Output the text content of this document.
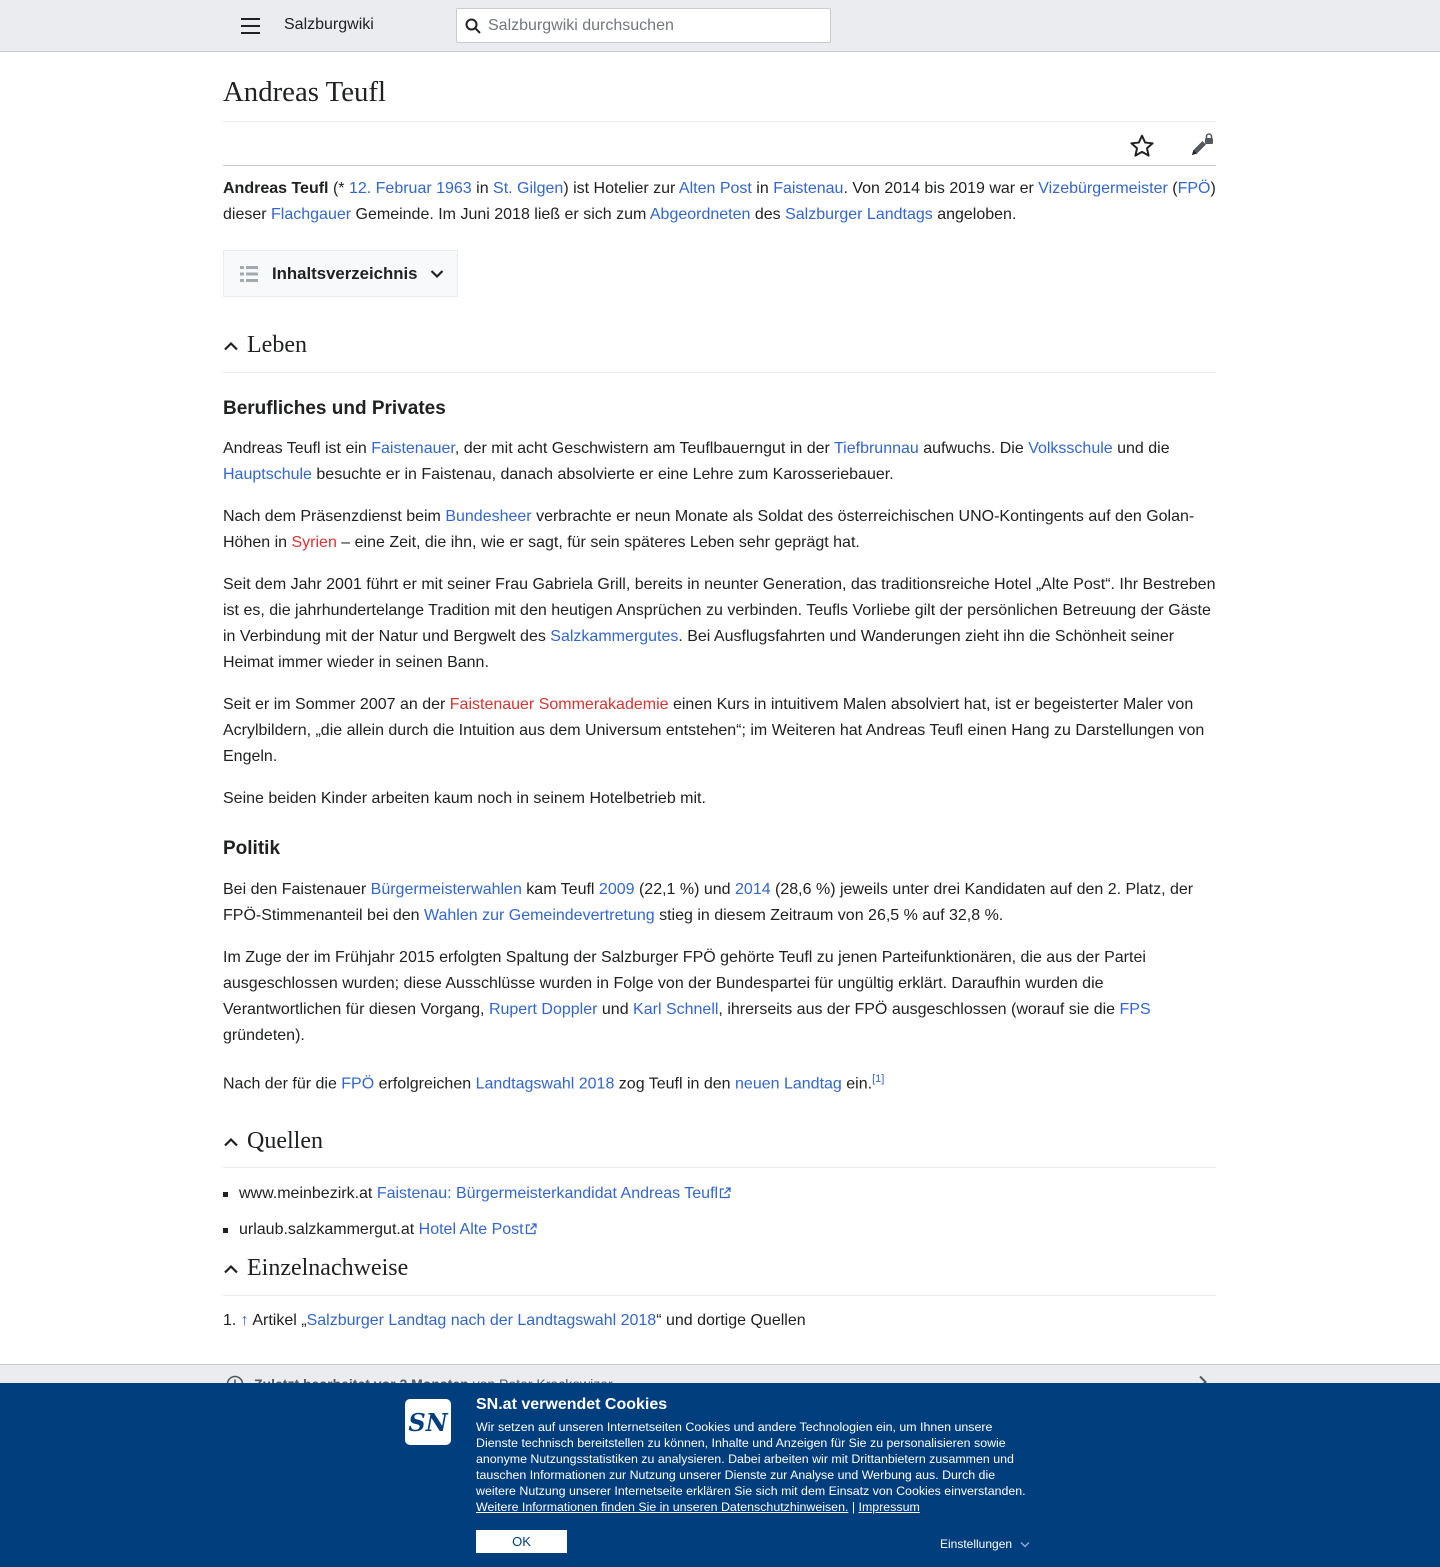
Salzburgwiki
Salzburgwiki durchsuchen
Andreas Teufl

Andreas Teufl (* 12. Februar 1963 in St. Gilgen) ist Hotelier zur Alten Post in Faistenau. Von 2014 bis 2019 war er Vizebürgermeister (FPÖ) dieser Flachgauer Gemeinde. Im Juni 2018 ließ er sich zum Abgeordneten des Salzburger Landtags angeloben.

Inhaltsverzeichnis
Leben
Berufliches und Privates

Andreas Teufl ist ein Faistenauer, der mit acht Geschwistern am Teuflbauerngut in der Tiefbrunnau aufwuchs. Die Volksschule und die Hauptschule besuchte er in Faistenau, danach absolvierte er eine Lehre zum Karosseriebauer.

Nach dem Präsenzdienst beim Bundesheer verbrachte er neun Monate als Soldat des österreichischen UNO-Kontingents auf den Golan-Höhen in Syrien – eine Zeit, die ihn, wie er sagt, für sein späteres Leben sehr geprägt hat.

Seit dem Jahr 2001 führt er mit seiner Frau Gabriela Grill, bereits in neunter Generation, das traditionsreiche Hotel „Alte Post“. Ihr Bestreben ist es, die jahrhundertelange Tradition mit den heutigen Ansprüchen zu verbinden. Teufls Vorliebe gilt der persönlichen Betreuung der Gäste in Verbindung mit der Natur und Bergwelt des Salzkammergutes. Bei Ausflugsfahrten und Wanderungen zieht ihn die Schönheit seiner Heimat immer wieder in seinen Bann.

Seit er im Sommer 2007 an der Faistenauer Sommerakademie einen Kurs in intuitivem Malen absolviert hat, ist er begeisterter Maler von Acrylbildern, „die allein durch die Intuition aus dem Universum entstehen“; im Weiteren hat Andreas Teufl einen Hang zu Darstellungen von Engeln.

Seine beiden Kinder arbeiten kaum noch in seinem Hotelbetrieb mit.

Politik

Bei den Faistenauer Bürgermeisterwahlen kam Teufl 2009 (22,1 %) und 2014 (28,6 %) jeweils unter drei Kandidaten auf den 2. Platz, der FPÖ-Stimmenanteil bei den Wahlen zur Gemeindevertretung stieg in diesem Zeitraum von 26,5 % auf 32,8 %.

Im Zuge der im Frühjahr 2015 erfolgten Spaltung der Salzburger FPÖ gehörte Teufl zu jenen Parteifunktionären, die aus der Partei ausgeschlossen wurden; diese Ausschlüsse wurden in Folge von der Bundespartei für ungültig erklärt. Daraufhin wurden die Verantwortlichen für diesen Vorgang, Rupert Doppler und Karl Schnell, ihrerseits aus der FPÖ ausgeschlossen (worauf sie die FPS gründeten).

Nach der für die FPÖ erfolgreichen Landtagswahl 2018 zog Teufl in den neuen Landtag ein.[1]

Quellen
www.meinbezirk.at Faistenau: Bürgermeisterkandidat Andreas Teufl
urlaub.salzkammergut.at Hotel Alte Post
Einzelnachweise

1. ↑ Artikel „Salzburger Landtag nach der Landtagswahl 2018“ und dortige Quellen

SN
SN.at verwendet Cookies
Wir setzen auf unseren Internetseiten Cookies und andere Technologien ein, um Ihnen unsere Dienste technisch bereitstellen zu können, Inhalte und Anzeigen für Sie zu personalisieren sowie anonyme Nutzungsstatistiken zu analysieren. Dabei arbeiten wir mit Drittanbietern zusammen und tauschen Informationen zur Nutzung unserer Dienste zur Analyse und Werbung aus. Durch die weitere Nutzung unserer Internetseite erklären Sie sich mit dem Einsatz von Cookies einverstanden. Weitere Informationen finden Sie in unseren Datenschutzhinweisen. | Impressum
OK	Einstellungen
